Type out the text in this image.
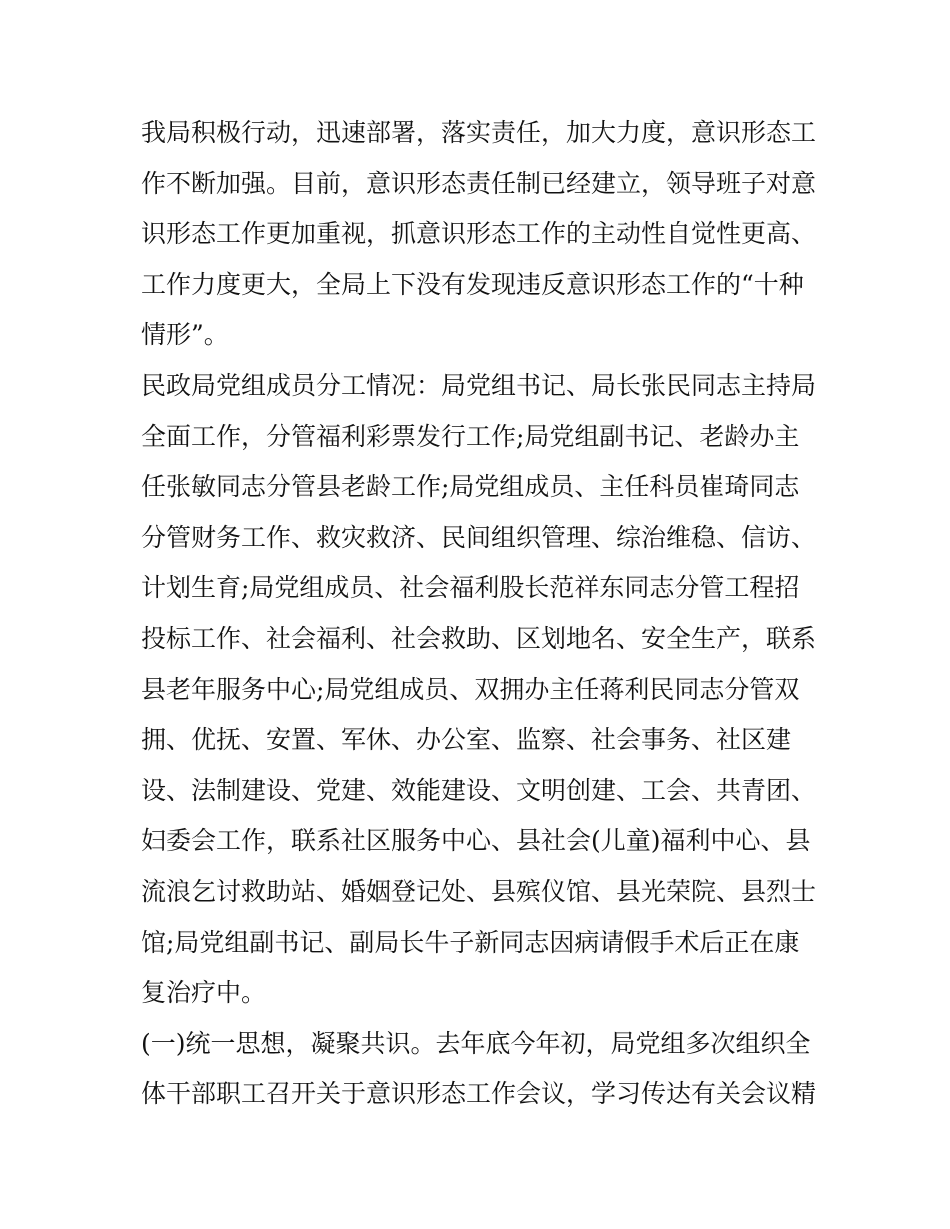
我局积极行动，迅速部署，落实责任，加大力度，意识形态工
作不断加强。目前，意识形态责任制已经建立，领导班子对意
识形态工作更加重视，抓意识形态工作的主动性自觉性更高、
工作力度更大，全局上下没有发现违反意识形态工作的“十种
情形”。
民政局党组成员分工情况：局党组书记、局长张民同志主持局
全面工作，分管福利彩票发行工作;局党组副书记、老龄办主
任张敏同志分管县老龄工作;局党组成员、主任科员崔琦同志
分管财务工作、救灾救济、民间组织管理、综治维稳、信访、
计划生育;局党组成员、社会福利股长范祥东同志分管工程招
投标工作、社会福利、社会救助、区划地名、安全生产，联系
县老年服务中心;局党组成员、双拥办主任蒋利民同志分管双
拥、优抚、安置、军休、办公室、监察、社会事务、社区建
设、法制建设、党建、效能建设、文明创建、工会、共青团、
妇委会工作，联系社区服务中心、县社会(儿童)福利中心、县
流浪乞讨救助站、婚姻登记处、县殡仪馆、县光荣院、县烈士
馆;局党组副书记、副局长牛子新同志因病请假手术后正在康
复治疗中。
(一)统一思想，凝聚共识。去年底今年初，局党组多次组织全
体干部职工召开关于意识形态工作会议，学习传达有关会议精
